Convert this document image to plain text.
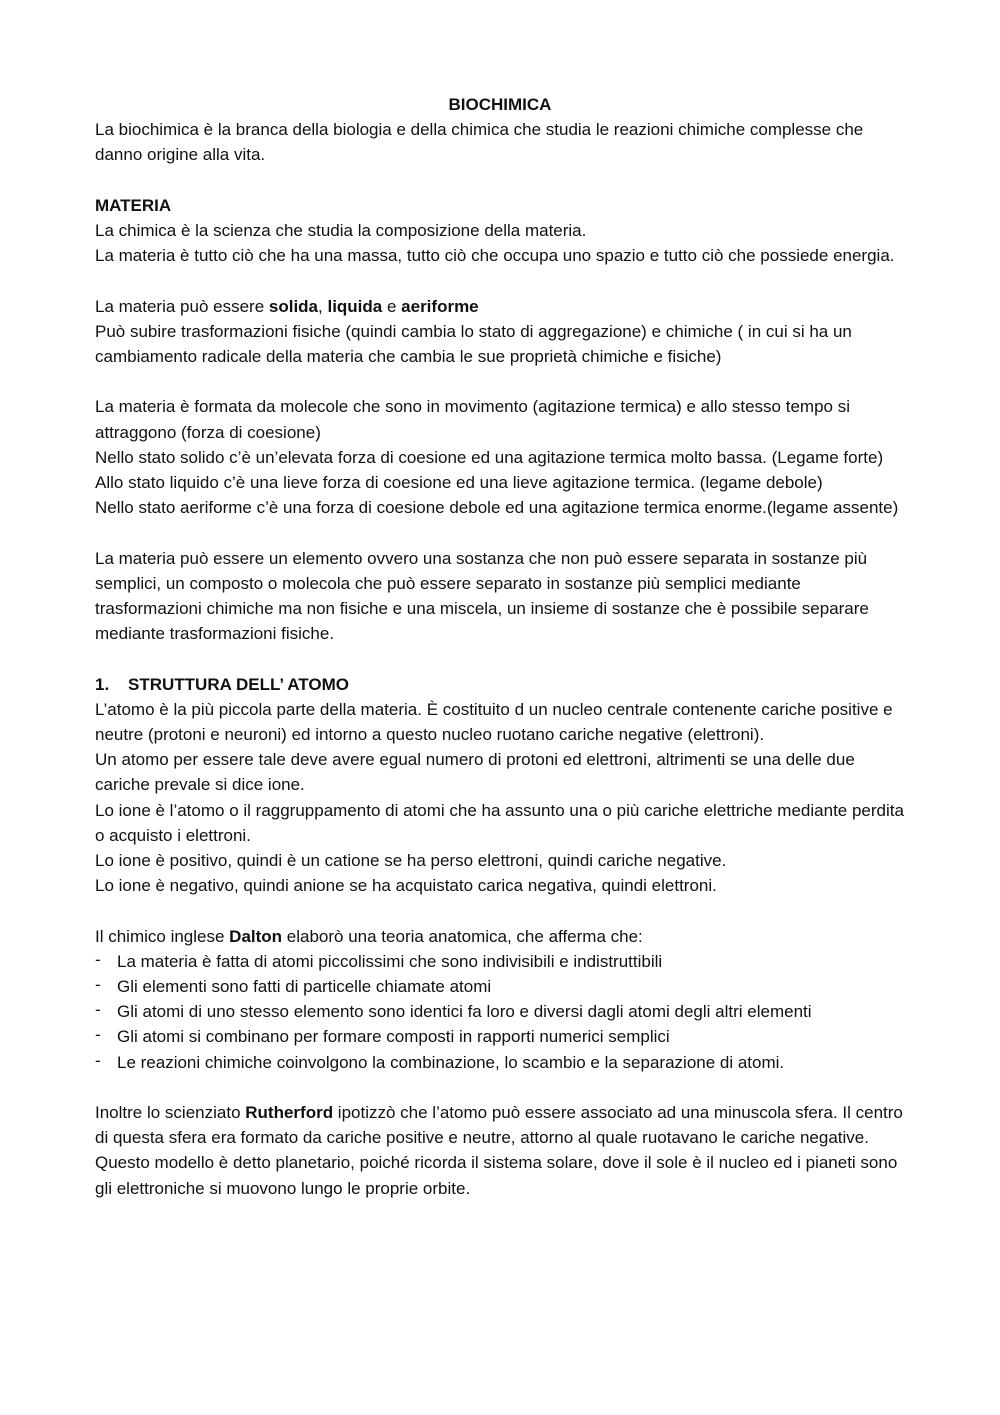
BIOCHIMICA

La biochimica è la branca della biologia e della chimica che studia le reazioni chimiche complesse che danno origine alla vita.

MATERIA

La chimica è la scienza che studia la composizione della materia.

La materia è tutto ciò che ha una massa, tutto ciò che occupa uno spazio e tutto ciò che possiede energia.

La materia può essere solida, liquida e aeriforme

Può subire trasformazioni fisiche (quindi cambia lo stato di aggregazione) e chimiche ( in cui si ha un cambiamento radicale della materia che cambia le sue proprietà chimiche e fisiche)

La materia è formata da molecole che sono in movimento (agitazione termica) e allo stesso tempo si attraggono (forza di coesione)

Nello stato solido c’è un’elevata forza di coesione ed una agitazione termica molto bassa. (Legame forte)

Allo stato liquido c’è una lieve forza di coesione ed una lieve agitazione termica. (legame debole)

Nello stato aeriforme c’è una forza di coesione debole ed una agitazione termica enorme.(legame assente)

La materia può essere un elemento ovvero una sostanza che non può essere separata in sostanze più semplici, un composto o molecola che può essere separato in sostanze più semplici mediante trasformazioni chimiche ma non fisiche e una miscela, un insieme di sostanze che è possibile separare mediante trasformazioni fisiche.

1.	STRUTTURA DELL’ ATOMO

L’atomo è la più piccola parte della materia. È costituito d un nucleo centrale contenente cariche positive e neutre (protoni e neuroni) ed intorno a questo nucleo ruotano cariche negative (elettroni).

Un atomo per essere tale deve avere egual numero di protoni ed elettroni, altrimenti se una delle due cariche prevale si dice ione.

Lo ione è l’atomo o il raggruppamento di atomi che ha assunto una o più cariche elettriche mediante perdita o acquisto i elettroni.

Lo ione è positivo, quindi è un catione se ha perso elettroni, quindi cariche negative.

Lo ione è negativo, quindi anione se ha acquistato carica negativa, quindi elettroni.

Il chimico inglese Dalton elaborò una teoria anatomica, che afferma che:

- La materia è fatta di atomi piccolissimi che sono indivisibili e indistruttibili
- Gli elementi sono fatti di particelle chiamate atomi
- Gli atomi di uno stesso elemento sono identici fa loro e diversi dagli atomi degli altri elementi
- Gli atomi si combinano per formare composti in rapporti numerici semplici
- Le reazioni chimiche coinvolgono la combinazione, lo scambio e la separazione di atomi.

Inoltre lo scienziato Rutherford ipotizzò che l’atomo può essere associato ad una minuscola sfera. Il centro di questa sfera era formato da cariche positive e neutre, attorno al quale ruotavano le cariche negative. Questo modello è detto planetario, poiché ricorda il sistema solare, dove il sole è il nucleo ed i pianeti sono gli elettroniche si muovono lungo le proprie orbite.
